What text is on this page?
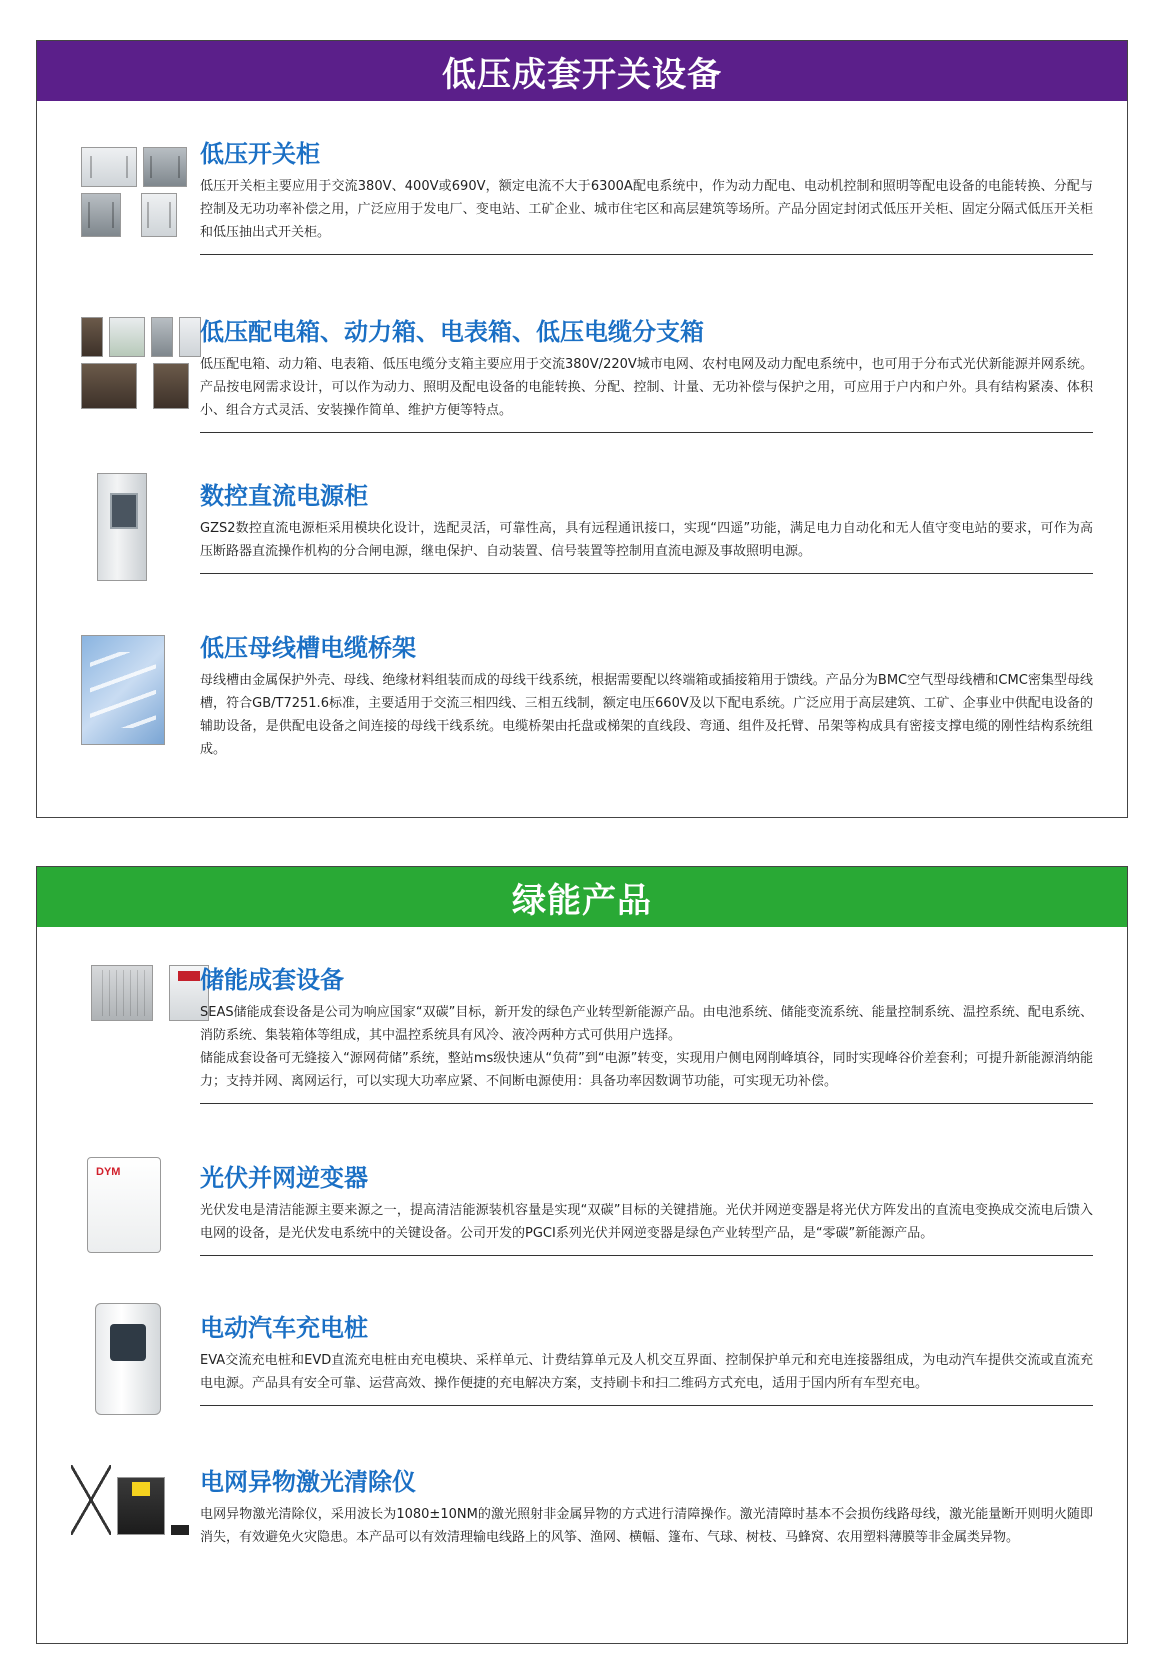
低压成套开关设备
低压开关柜

低压开关柜主要应用于交流380V、400V或690V，额定电流不大于6300A配电系统中，作为动力配电、电动机控制和照明等配电设备的电能转换、分配与控制及无功功率补偿之用，广泛应用于发电厂、变电站、工矿企业、城市住宅区和高层建筑等场所。产品分固定封闭式低压开关柜、固定分隔式低压开关柜和低压抽出式开关柜。

低压配电箱、动力箱、电表箱、低压电缆分支箱

低压配电箱、动力箱、电表箱、低压电缆分支箱主要应用于交流380V/220V城市电网、农村电网及动力配电系统中，也可用于分布式光伏新能源并网系统。产品按电网需求设计，可以作为动力、照明及配电设备的电能转换、分配、控制、计量、无功补偿与保护之用，可应用于户内和户外。具有结构紧凑、体积小、组合方式灵活、安装操作简单、维护方便等特点。

数控直流电源柜

GZS2数控直流电源柜采用模块化设计，选配灵活，可靠性高，具有远程通讯接口，实现“四遥”功能，满足电力自动化和无人值守变电站的要求，可作为高压断路器直流操作机构的分合闸电源，继电保护、自动装置、信号装置等控制用直流电源及事故照明电源。

低压母线槽电缆桥架

母线槽由金属保护外壳、母线、绝缘材料组装而成的母线干线系统，根据需要配以终端箱或插接箱用于馈线。产品分为BMC空气型母线槽和CMC密集型母线槽，符合GB/T7251.6标准，主要适用于交流三相四线、三相五线制，额定电压660V及以下配电系统。广泛应用于高层建筑、工矿、企事业中供配电设备的辅助设备，是供配电设备之间连接的母线干线系统。电缆桥架由托盘或梯架的直线段、弯通、组件及托臂、吊架等构成具有密接支撑电缆的刚性结构系统组成。

绿能产品
储能成套设备

SEAS储能成套设备是公司为响应国家“双碳”目标，新开发的绿色产业转型新能源产品。由电池系统、储能变流系统、能量控制系统、温控系统、配电系统、消防系统、集装箱体等组成，其中温控系统具有风冷、液冷两种方式可供用户选择。

储能成套设备可无缝接入“源网荷储”系统，整站ms级快速从“负荷”到“电源”转变，实现用户侧电网削峰填谷，同时实现峰谷价差套利；可提升新能源消纳能力；支持并网、离网运行，可以实现大功率应紧、不间断电源使用：具备功率因数调节功能，可实现无功补偿。

DYM
光伏并网逆变器

光伏发电是清洁能源主要来源之一，提高清洁能源装机容量是实现“双碳”目标的关键措施。光伏并网逆变器是将光伏方阵发出的直流电变换成交流电后馈入电网的设备，是光伏发电系统中的关键设备。公司开发的PGCI系列光伏并网逆变器是绿色产业转型产品，是“零碳”新能源产品。

电动汽车充电桩

EVA交流充电桩和EVD直流充电桩由充电模块、采样单元、计费结算单元及人机交互界面、控制保护单元和充电连接器组成，为电动汽车提供交流或直流充电电源。产品具有安全可靠、运营高效、操作便捷的充电解决方案，支持刷卡和扫二维码方式充电，适用于国内所有车型充电。

电网异物激光清除仪

电网异物激光清除仪，采用波长为1080±10NM的激光照射非金属异物的方式进行清障操作。激光清障时基本不会损伤线路母线，激光能量断开则明火随即消失，有效避免火灾隐患。本产品可以有效清理输电线路上的风筝、渔网、横幅、篷布、气球、树枝、马蜂窝、农用塑料薄膜等非金属类异物。
